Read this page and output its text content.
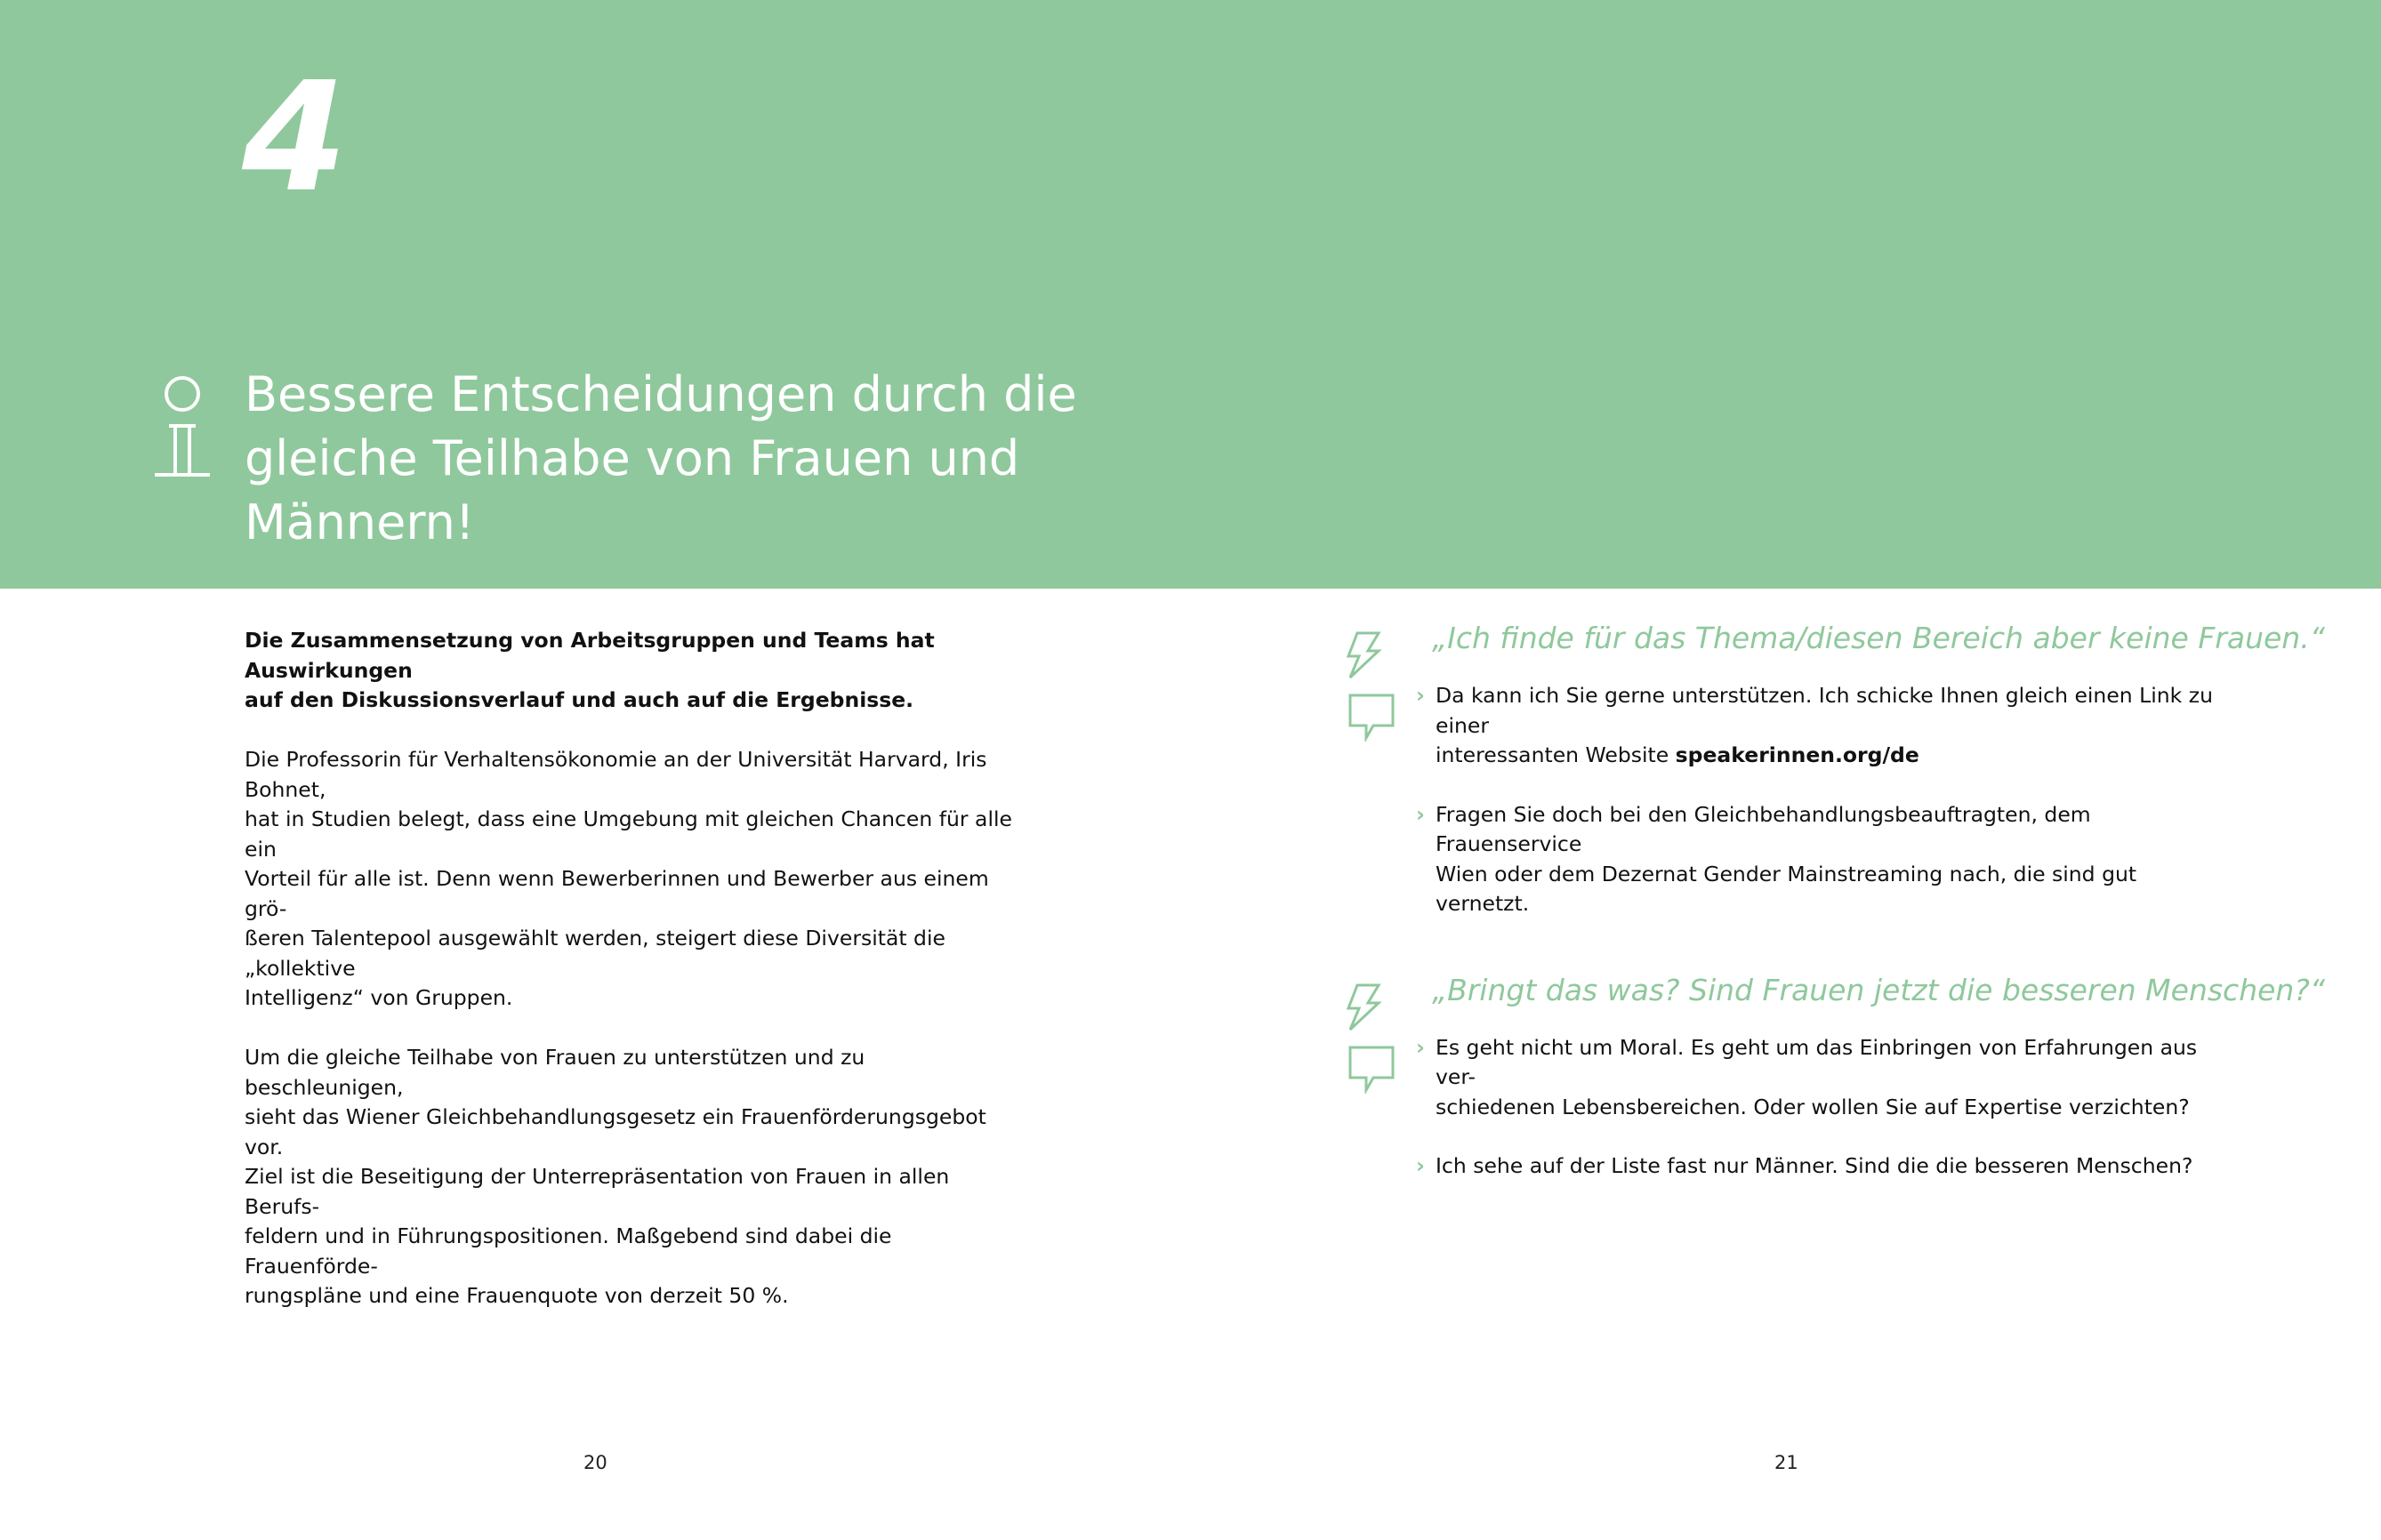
4
Bessere Entscheidungen durch die
gleiche Teilhabe von Frauen und
Männern!

Die Zusammensetzung von Arbeitsgruppen und Teams hat Auswirkungen
auf den Diskussionsverlauf und auch auf die Ergebnisse.

Die Professorin für Verhaltensökonomie an der Universität Harvard, Iris Bohnet,
hat in Studien belegt, dass eine Umgebung mit gleichen Chancen für alle ein
Vorteil für alle ist. Denn wenn Bewerberinnen und Bewerber aus einem grö-
ßeren Talentepool ausgewählt werden, steigert diese Diversität die „kollektive
Intelligenz“ von Gruppen.

Um die gleiche Teilhabe von Frauen zu unterstützen und zu beschleunigen,
sieht das Wiener Gleichbehandlungsgesetz ein Frauenförderungsgebot vor.
Ziel ist die Beseitigung der Unterrepräsentation von Frauen in allen Berufs-
feldern und in Führungspositionen. Maßgebend sind dabei die Frauenförde-
rungspläne und eine Frauenquote von derzeit 50 %.

„Ich finde für das Thema/diesen Bereich aber keine Frauen.“

› Da kann ich Sie gerne unterstützen. Ich schicke Ihnen gleich einen Link zu einer
interessanten Website speakerinnen.org/de
› Fragen Sie doch bei den Gleichbehandlungsbeauftragten, dem Frauenservice
Wien oder dem Dezernat Gender Mainstreaming nach, die sind gut vernetzt.

„Bringt das was? Sind Frauen jetzt die besseren Menschen?“

› Es geht nicht um Moral. Es geht um das Einbringen von Erfahrungen aus ver-
schiedenen Lebensbereichen. Oder wollen Sie auf Expertise verzichten?
› Ich sehe auf der Liste fast nur Männer. Sind die die besseren Menschen?
20	21
